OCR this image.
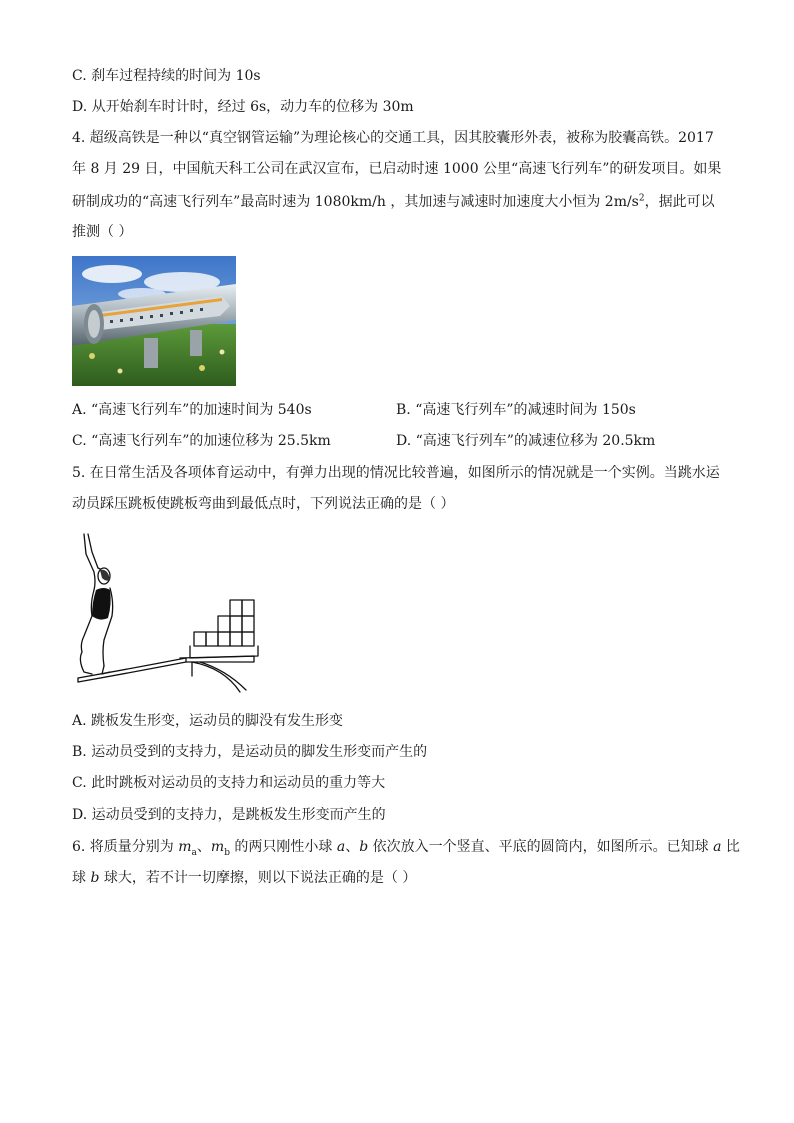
C. 刹车过程持续的时间为 10s
D. 从开始刹车时计时，经过 6s，动力车的位移为 30m
4. 超级高铁是一种以“真空钢管运输”为理论核心的交通工具，因其胶囊形外表，被称为胶囊高铁。2017
年 8 月 29 日，中国航天科工公司在武汉宣布，已启动时速 1000 公里“高速飞行列车”的研发项目。如果
研制成功的“高速飞行列车”最高时速为 1080km/h ，其加速与减速时加速度大小恒为 $2m/s^2$，据此可以
推测（ ）
A. “高速飞行列车”的加速时间为 540s	B. “高速飞行列车”的减速时间为 150s
C. “高速飞行列车”的加速位移为 25.5km	D. “高速飞行列车”的减速位移为 20.5km
5. 在日常生活及各项体育运动中，有弹力出现的情况比较普遍，如图所示的情况就是一个实例。当跳水运
动员踩压跳板使跳板弯曲到最低点时，下列说法正确的是（ ）
A. 跳板发生形变，运动员的脚没有发生形变
B. 运动员受到的支持力，是运动员的脚发生形变而产生的
C. 此时跳板对运动员的支持力和运动员的重力等大
D. 运动员受到的支持力，是跳板发生形变而产生的
6. 将质量分别为 $m_a$、$m_b$ 的两只刚性小球 a、b 依次放入一个竖直、平底的圆筒内，如图所示。已知球 a 比
球 b 球大，若不计一切摩擦，则以下说法正确的是（ ）
